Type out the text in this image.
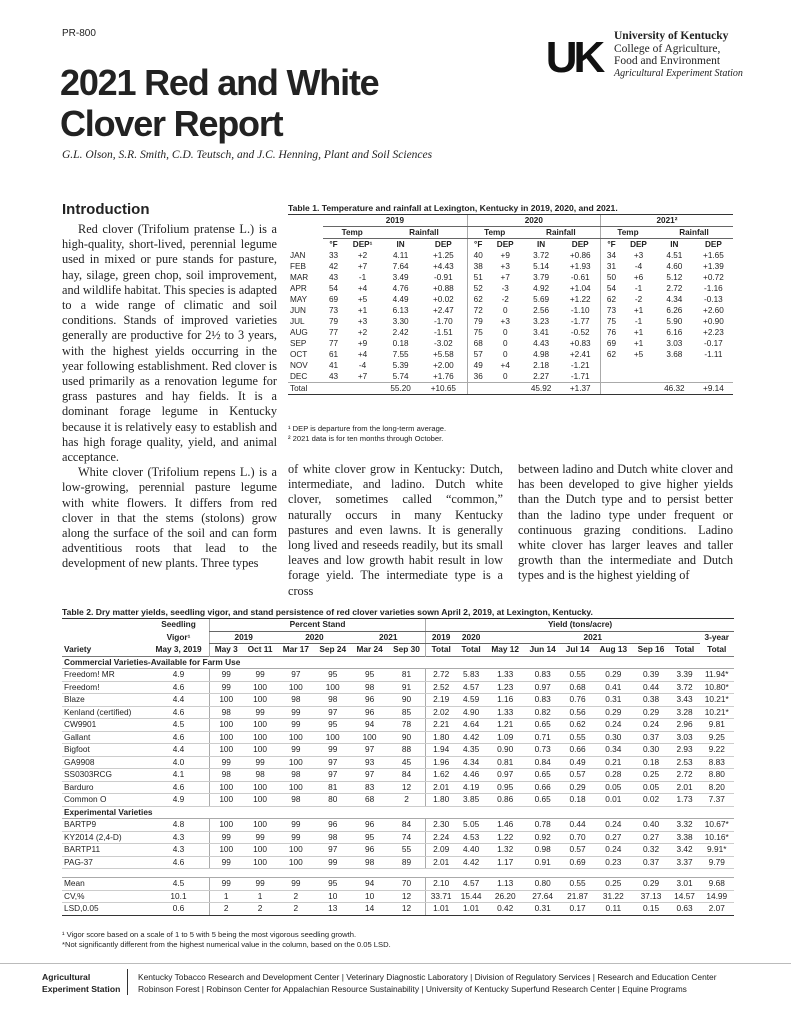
PR-800
2021 Red and White
Clover Report
G.L. Olson, S.R. Smith, C.D. Teutsch, and J.C. Henning, Plant and Soil Sciences
UK	University of Kentucky
College of Agriculture,
Food and Environment
Agricultural Experiment Station
Introduction

Red clover (Trifolium pratense L.) is a high-quality, short-lived, perennial legume used in mixed or pure stands for pasture, hay, silage, green chop, soil improvement, and wildlife habitat. This species is adapted to a wide range of climatic and soil conditions. Stands of improved varieties generally are productive for 2½ to 3 years, with the highest yields occurring in the year following establishment. Red clover is used primarily as a renovation legume for grass pastures and hay fields. It is a dominant forage legume in Kentucky because it is relatively easy to establish and has high forage quality, yield, and animal acceptance.

White clover (Trifolium repens L.) is a low-growing, perennial pasture legume with white flowers. It differs from red clover in that the stems (stolons) grow along the surface of the soil and can form adventitious roots that lead to the development of new plants. Three types

of white clover grow in Kentucky: Dutch, intermediate, and ladino. Dutch white clover, sometimes called “common,” naturally occurs in many Kentucky pastures and even lawns. It is generally long lived and reseeds readily, but its small leaves and low growth habit result in low forage yield. The intermediate type is a cross

between ladino and Dutch white clover and has been developed to give higher yields than the Dutch type and to persist better than the ladino type under frequent or continuous grazing conditions. Ladino white clover has larger leaves and taller growth than the intermediate and Dutch types and is the highest yielding of

Table 1. Temperature and rainfall at Lexington, Kentucky in 2019, 2020, and 2021.
	2019				2020				2021²			
	Temp		Rainfall		Temp		Rainfall		Temp		Rainfall	
	°F	DEP¹	IN	DEP	°F	DEP	IN	DEP	°F	DEP	IN	DEP
JAN	33	+2	4.11	+1.25	40	+9	3.72	+0.86	34	+3	4.51	+1.65
FEB	42	+7	7.64	+4.43	38	+3	5.14	+1.93	31	-4	4.60	+1.39
MAR	43	-1	3.49	-0.91	51	+7	3.79	-0.61	50	+6	5.12	+0.72
APR	54	+4	4.76	+0.88	52	-3	4.92	+1.04	54	-1	2.72	-1.16
MAY	69	+5	4.49	+0.02	62	-2	5.69	+1.22	62	-2	4.34	-0.13
JUN	73	+1	6.13	+2.47	72	0	2.56	-1.10	73	+1	6.26	+2.60
JUL	79	+3	3.30	-1.70	79	+3	3.23	-1.77	75	-1	5.90	+0.90
AUG	77	+2	2.42	-1.51	75	0	3.41	-0.52	76	+1	6.16	+2.23
SEP	77	+9	0.18	-3.02	68	0	4.43	+0.83	69	+1	3.03	-0.17
OCT	61	+4	7.55	+5.58	57	0	4.98	+2.41	62	+5	3.68	-1.11
NOV	41	-4	5.39	+2.00	49	+4	2.18	-1.21				
DEC	43	+7	5.74	+1.76	36	0	2.27	-1.71				
Total			55.20	+10.65			45.92	+1.37			46.32	+9.14
¹ DEP is departure from the long-term average.
² 2021 data is for ten months through October.
Table 2. Dry matter yields, seedling vigor, and stand persistence of red clover varieties sown April 2, 2019, at Lexington, Kentucky.
	Seedling	Percent Stand						Yield (tons/acre)								
	Vigor¹	2019		2020		2021		2019	2020	2021						3-year
Variety	May 3, 2019	May 3	Oct 11	Mar 17	Sep 24	Mar 24	Sep 30	Total	Total	May 12	Jun 14	Jul 14	Aug 13	Sep 16	Total	Total
Commercial Varieties-Available for Farm Use																
Freedom! MR	4.9	99	99	97	95	95	81	2.72	5.83	1.33	0.83	0.55	0.29	0.39	3.39	11.94*
Freedom!	4.6	99	100	100	100	98	91	2.52	4.57	1.23	0.97	0.68	0.41	0.44	3.72	10.80*
Blaze	4.4	100	100	98	98	96	90	2.19	4.59	1.16	0.83	0.76	0.31	0.38	3.43	10.21*
Kenland (certified)	4.6	98	99	99	97	96	85	2.02	4.90	1.33	0.82	0.56	0.29	0.29	3.28	10.21*
CW9901	4.5	100	100	99	95	94	78	2.21	4.64	1.21	0.65	0.62	0.24	0.24	2.96	9.81
Gallant	4.6	100	100	100	100	100	90	1.80	4.42	1.09	0.71	0.55	0.30	0.37	3.03	9.25
Bigfoot	4.4	100	100	99	99	97	88	1.94	4.35	0.90	0.73	0.66	0.34	0.30	2.93	9.22
GA9908	4.0	99	99	100	97	93	45	1.96	4.34	0.81	0.84	0.49	0.21	0.18	2.53	8.83
SS0303RCG	4.1	98	98	98	97	97	84	1.62	4.46	0.97	0.65	0.57	0.28	0.25	2.72	8.80
Barduro	4.6	100	100	100	81	83	12	2.01	4.19	0.95	0.66	0.29	0.05	0.05	2.01	8.20
Common O	4.9	100	100	98	80	68	2	1.80	3.85	0.86	0.65	0.18	0.01	0.02	1.73	7.37
Experimental Varieties																
BARTP9	4.8	100	100	99	96	96	84	2.30	5.05	1.46	0.78	0.44	0.24	0.40	3.32	10.67*
KY2014 (2,4-D)	4.3	99	99	99	98	95	74	2.24	4.53	1.22	0.92	0.70	0.27	0.27	3.38	10.16*
BARTP11	4.3	100	100	100	97	96	55	2.09	4.40	1.32	0.98	0.57	0.24	0.32	3.42	9.91*
PAG-37	4.6	99	100	100	99	98	89	2.01	4.42	1.17	0.91	0.69	0.23	0.37	3.37	9.79

Mean	4.5	99	99	99	95	94	70	2.10	4.57	1.13	0.80	0.55	0.25	0.29	3.01	9.68
CV,%	10.1	1	1	2	10	10	12	33.71	15.44	26.20	27.64	21.87	31.22	37.13	14.57	14.99
LSD,0.05	0.6	2	2	2	13	14	12	1.01	1.01	0.42	0.31	0.17	0.11	0.15	0.63	2.07
¹ Vigor score based on a scale of 1 to 5 with 5 being the most vigorous seedling growth.
*Not significantly different from the highest numerical value in the column, based on the 0.05 LSD.
Agricultural
Experiment Station
Kentucky Tobacco Research and Development Center | Veterinary Diagnostic Laboratory | Division of Regulatory Services | Research and Education Center
Robinson Forest | Robinson Center for Appalachian Resource Sustainability | University of Kentucky Superfund Research Center | Equine Programs
